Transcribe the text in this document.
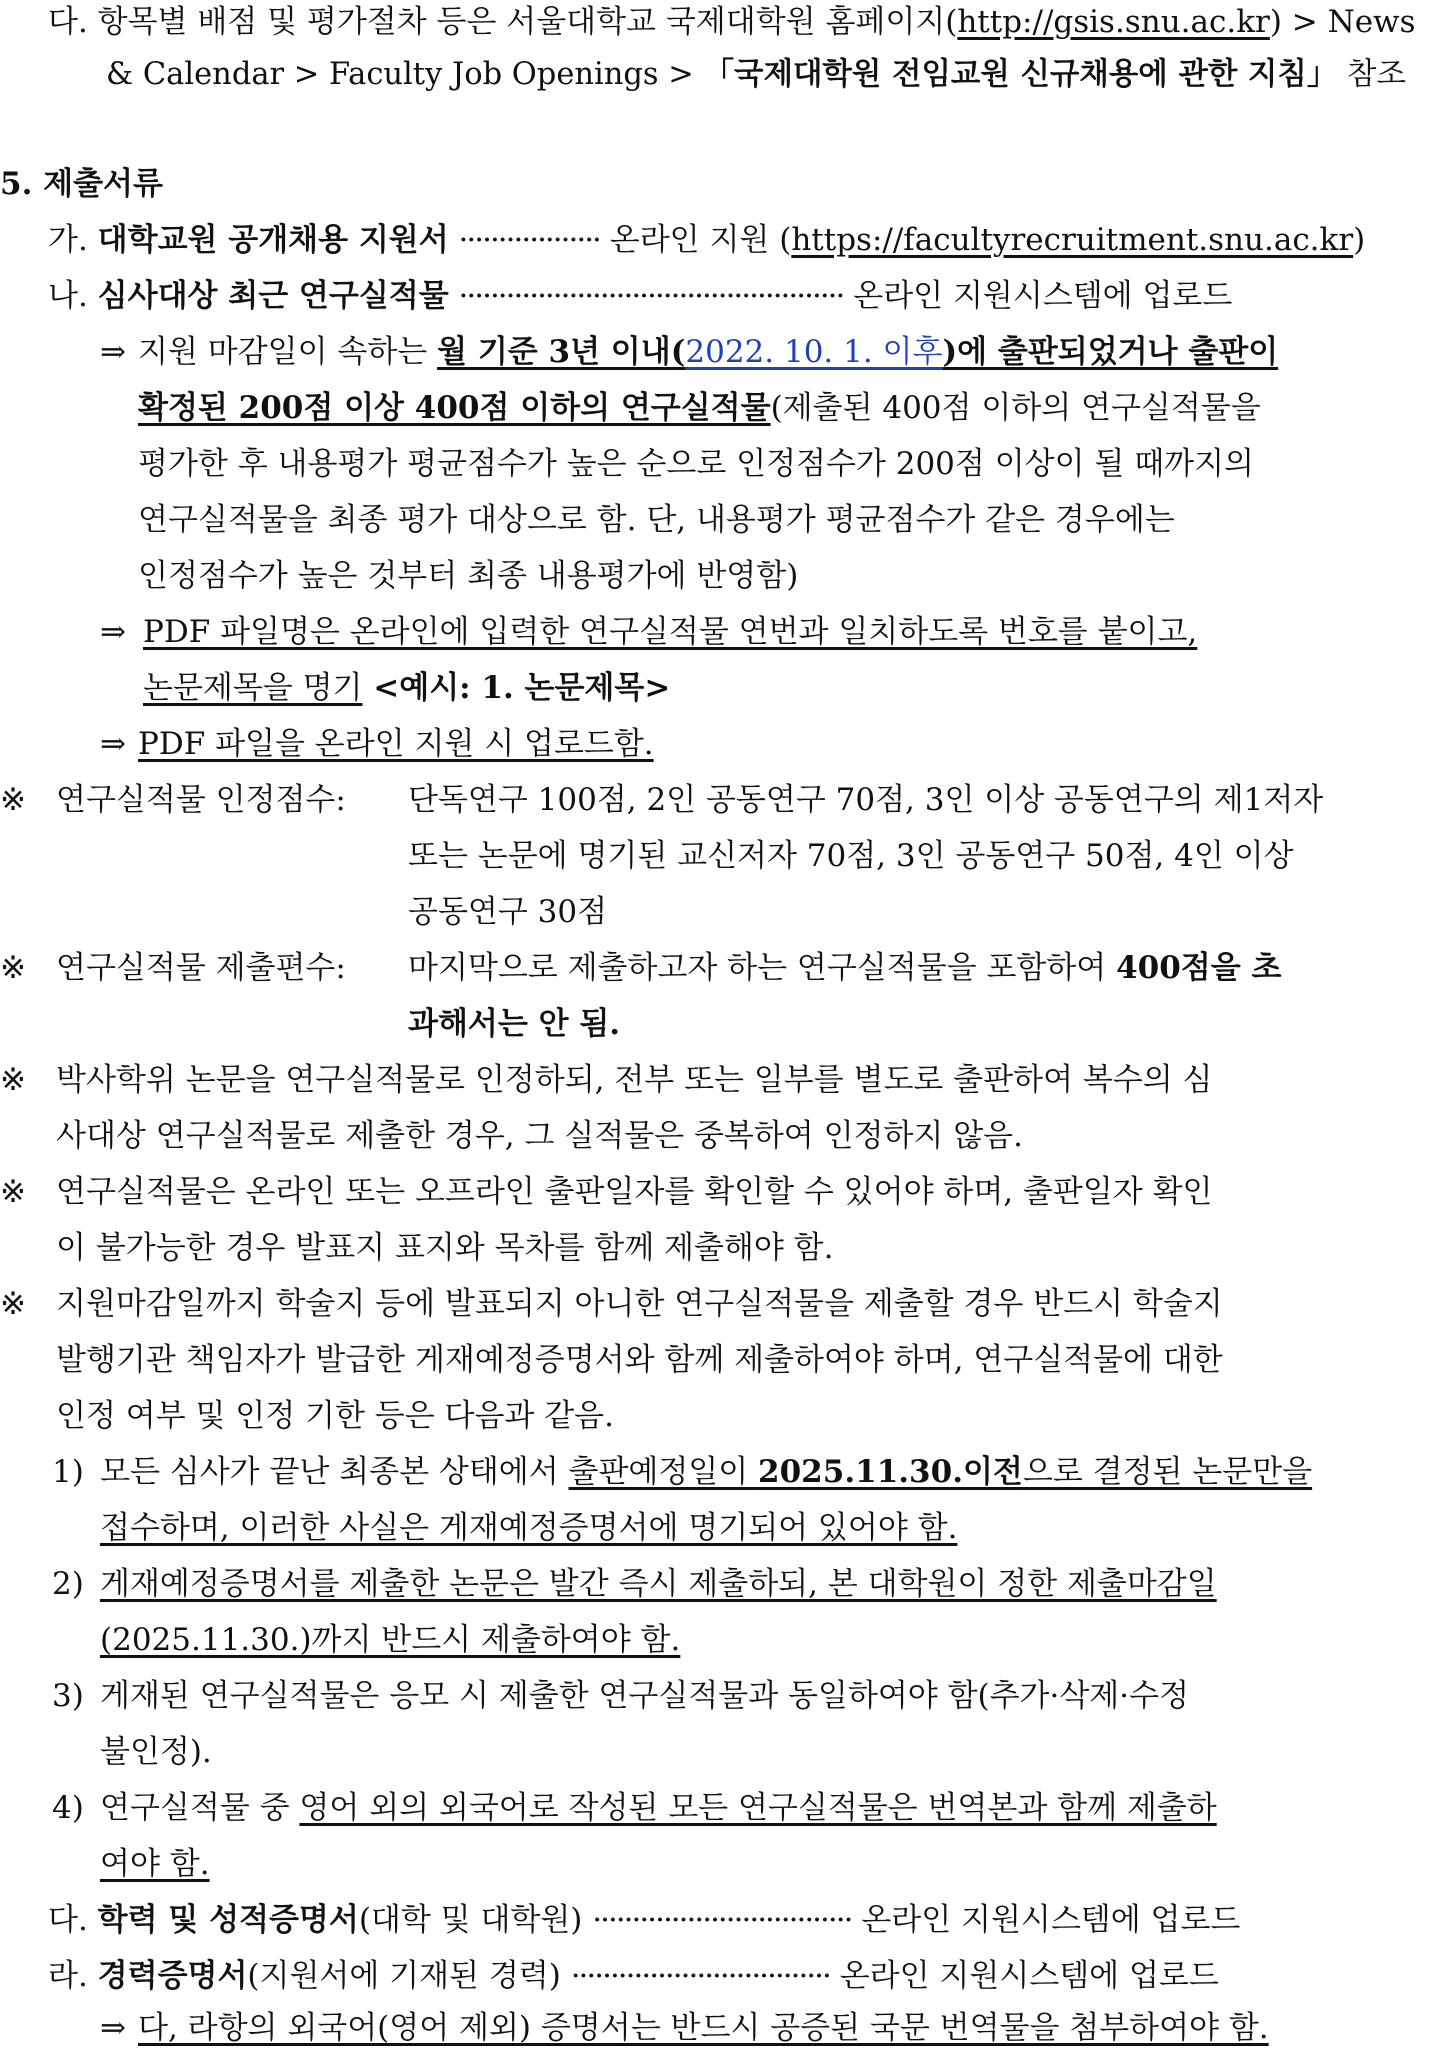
다. 항목별 배점 및 평가절차 등은 서울대학교 국제대학원 홈페이지(http://gsis.snu.ac.kr) > News
& Calendar > Faculty Job Openings > 「국제대학원 전임교원 신규채용에 관한 지침」 참조
5. 제출서류
가. 대학교원 공개채용 지원서 ·················· 온라인 지원 (https://facultyrecruitment.snu.ac.kr)
나. 심사대상 최근 연구실적물 ················································· 온라인 지원시스템에 업로드
⇒ 지원 마감일이 속하는 월 기준 3년 이내(2022. 10. 1. 이후)에 출판되었거나 출판이
확정된 200점 이상 400점 이하의 연구실적물(제출된 400점 이하의 연구실적물을
평가한 후 내용평가 평균점수가 높은 순으로 인정점수가 200점 이상이 될 때까지의
연구실적물을 최종 평가 대상으로 함. 단, 내용평가 평균점수가 같은 경우에는
인정점수가 높은 것부터 최종 내용평가에 반영함)
⇒ PDF 파일명은 온라인에 입력한 연구실적물 연번과 일치하도록 번호를 붙이고,
논문제목을 명기 <예시: 1. 논문제목>
⇒ PDF 파일을 온라인 지원 시 업로드함.
※ 연구실적물 인정점수: 단독연구 100점, 2인 공동연구 70점, 3인 이상 공동연구의 제1저자
또는 논문에 명기된 교신저자 70점, 3인 공동연구 50점, 4인 이상
공동연구 30점
※ 연구실적물 제출편수: 마지막으로 제출하고자 하는 연구실적물을 포함하여 400점을 초
과해서는 안 됨.
※ 박사학위 논문을 연구실적물로 인정하되, 전부 또는 일부를 별도로 출판하여 복수의 심
사대상 연구실적물로 제출한 경우, 그 실적물은 중복하여 인정하지 않음.
※ 연구실적물은 온라인 또는 오프라인 출판일자를 확인할 수 있어야 하며, 출판일자 확인
이 불가능한 경우 발표지 표지와 목차를 함께 제출해야 함.
※ 지원마감일까지 학술지 등에 발표되지 아니한 연구실적물을 제출할 경우 반드시 학술지
발행기관 책임자가 발급한 게재예정증명서와 함께 제출하여야 하며, 연구실적물에 대한
인정 여부 및 인정 기한 등은 다음과 같음.
1) 모든 심사가 끝난 최종본 상태에서 출판예정일이 2025.11.30.이전으로 결정된 논문만을
접수하며, 이러한 사실은 게재예정증명서에 명기되어 있어야 함.
2) 게재예정증명서를 제출한 논문은 발간 즉시 제출하되, 본 대학원이 정한 제출마감일
(2025.11.30.)까지 반드시 제출하여야 함.
3) 게재된 연구실적물은 응모 시 제출한 연구실적물과 동일하여야 함(추가·삭제·수정
불인정).
4) 연구실적물 중 영어 외의 외국어로 작성된 모든 연구실적물은 번역본과 함께 제출하
여야 함.
다. 학력 및 성적증명서(대학 및 대학원) ································· 온라인 지원시스템에 업로드
라. 경력증명서(지원서에 기재된 경력) ································· 온라인 지원시스템에 업로드
⇒ 다, 라항의 외국어(영어 제외) 증명서는 반드시 공증된 국문 번역물을 첨부하여야 함.
